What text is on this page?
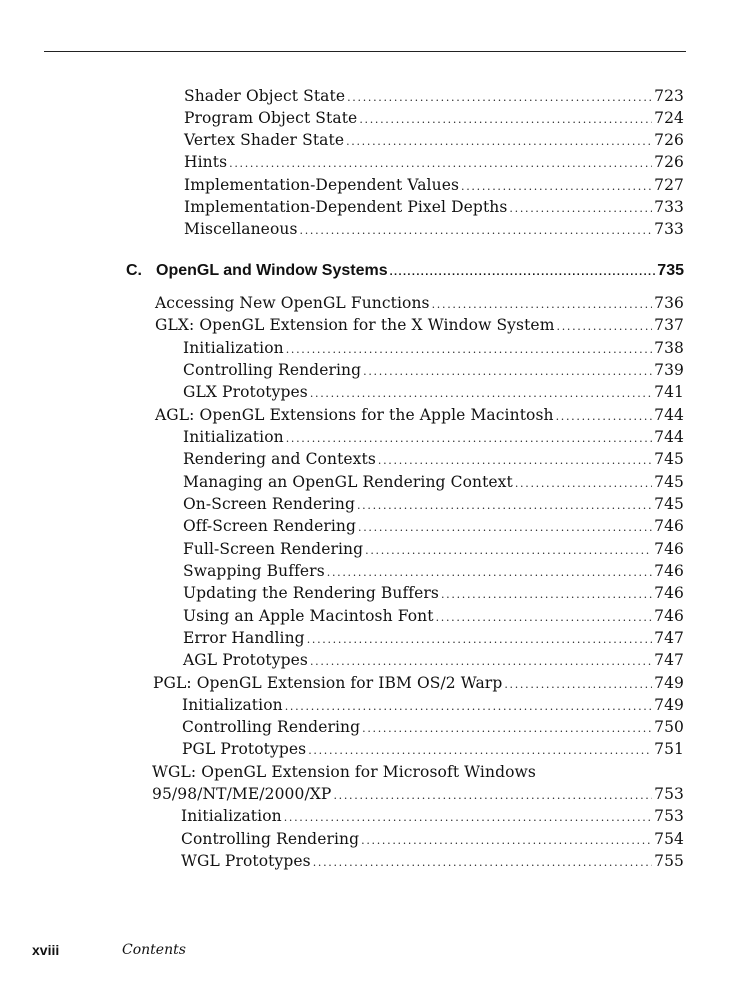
Shader Object State .....	723
Program Object State .....	724
Vertex Shader State .....	726
Hints .....	726
Implementation-Dependent Values .....	727
Implementation-Dependent Pixel Depths .....	733
Miscellaneous .....	733
C. OpenGL and Window Systems .....	735
Accessing New OpenGL Functions .....	736
GLX: OpenGL Extension for the X Window System .....	737
Initialization .....	738
Controlling Rendering .....	739
GLX Prototypes .....	741
AGL: OpenGL Extensions for the Apple Macintosh .....	744
Initialization .....	744
Rendering and Contexts .....	745
Managing an OpenGL Rendering Context .....	745
On-Screen Rendering .....	745
Off-Screen Rendering .....	746
Full-Screen Rendering .....	746
Swapping Buffers .....	746
Updating the Rendering Buffers .....	746
Using an Apple Macintosh Font .....	746
Error Handling .....	747
AGL Prototypes .....	747
PGL: OpenGL Extension for IBM OS/2 Warp .....	749
Initialization .....	749
Controlling Rendering .....	750
PGL Prototypes .....	751
WGL: OpenGL Extension for Microsoft Windows
95/98/NT/ME/2000/XP .....	753
Initialization .....	753
Controlling Rendering .....	754
WGL Prototypes .....	755
xviii	Contents
